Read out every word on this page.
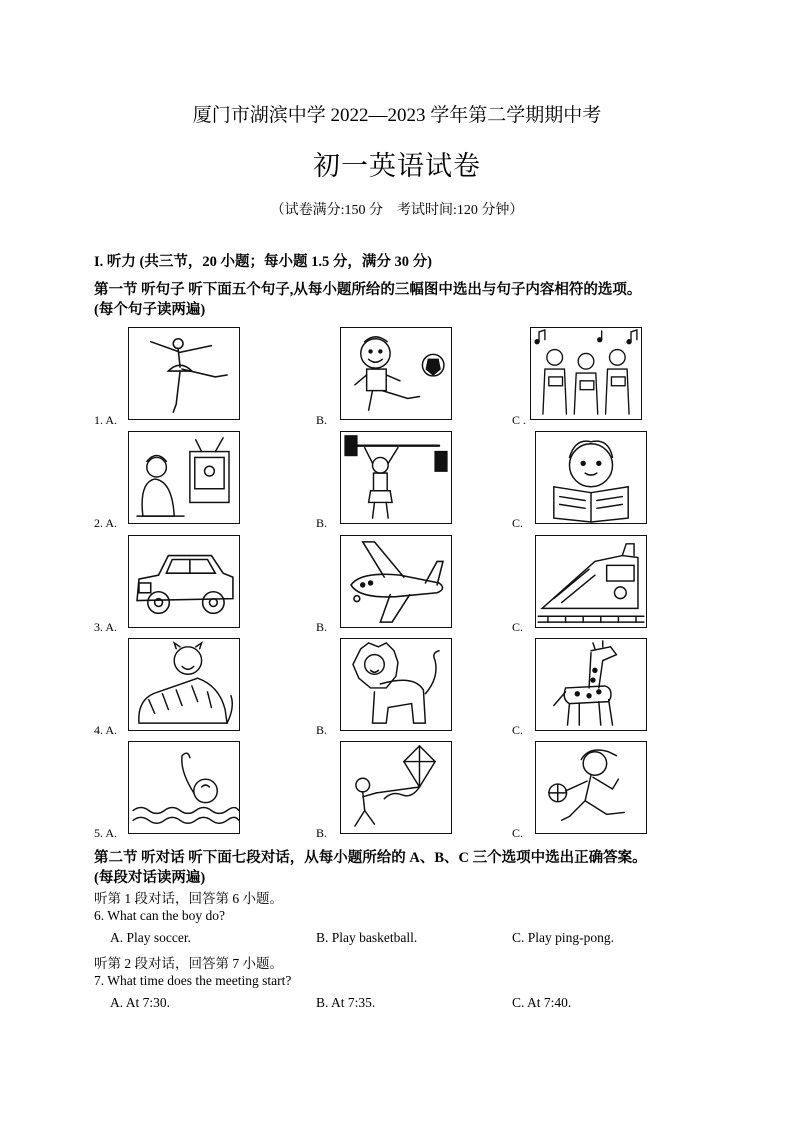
厦门市湖滨中学 2022—2023 学年第二学期期中考
初一英语试卷
（试卷满分:150 分　考试时间:120 分钟）
I. 听力 (共三节，20 小题；每小题 1.5 分，满分 30 分)
第一节 听句子 听下面五个句子,从每小题所给的三幅图中选出与句子内容相符的选项。
(每个句子读两遍)
1. A.	B.	C .
2. A.	B.	C.
3. A.	B.	C.
4. A.	B.	C.
5. A.	B.	C.
第二节 听对话 听下面七段对话，从每小题所给的 A、B、C 三个选项中选出正确答案。
(每段对话读两遍)
听第 1 段对话，回答第 6 小题。
6. What can the boy do?
A. Play soccer.	B. Play basketball.	C. Play ping-pong.
听第 2 段对话，回答第 7 小题。
7. What time does the meeting start?
A. At 7:30.	B. At 7:35.	C. At 7:40.
